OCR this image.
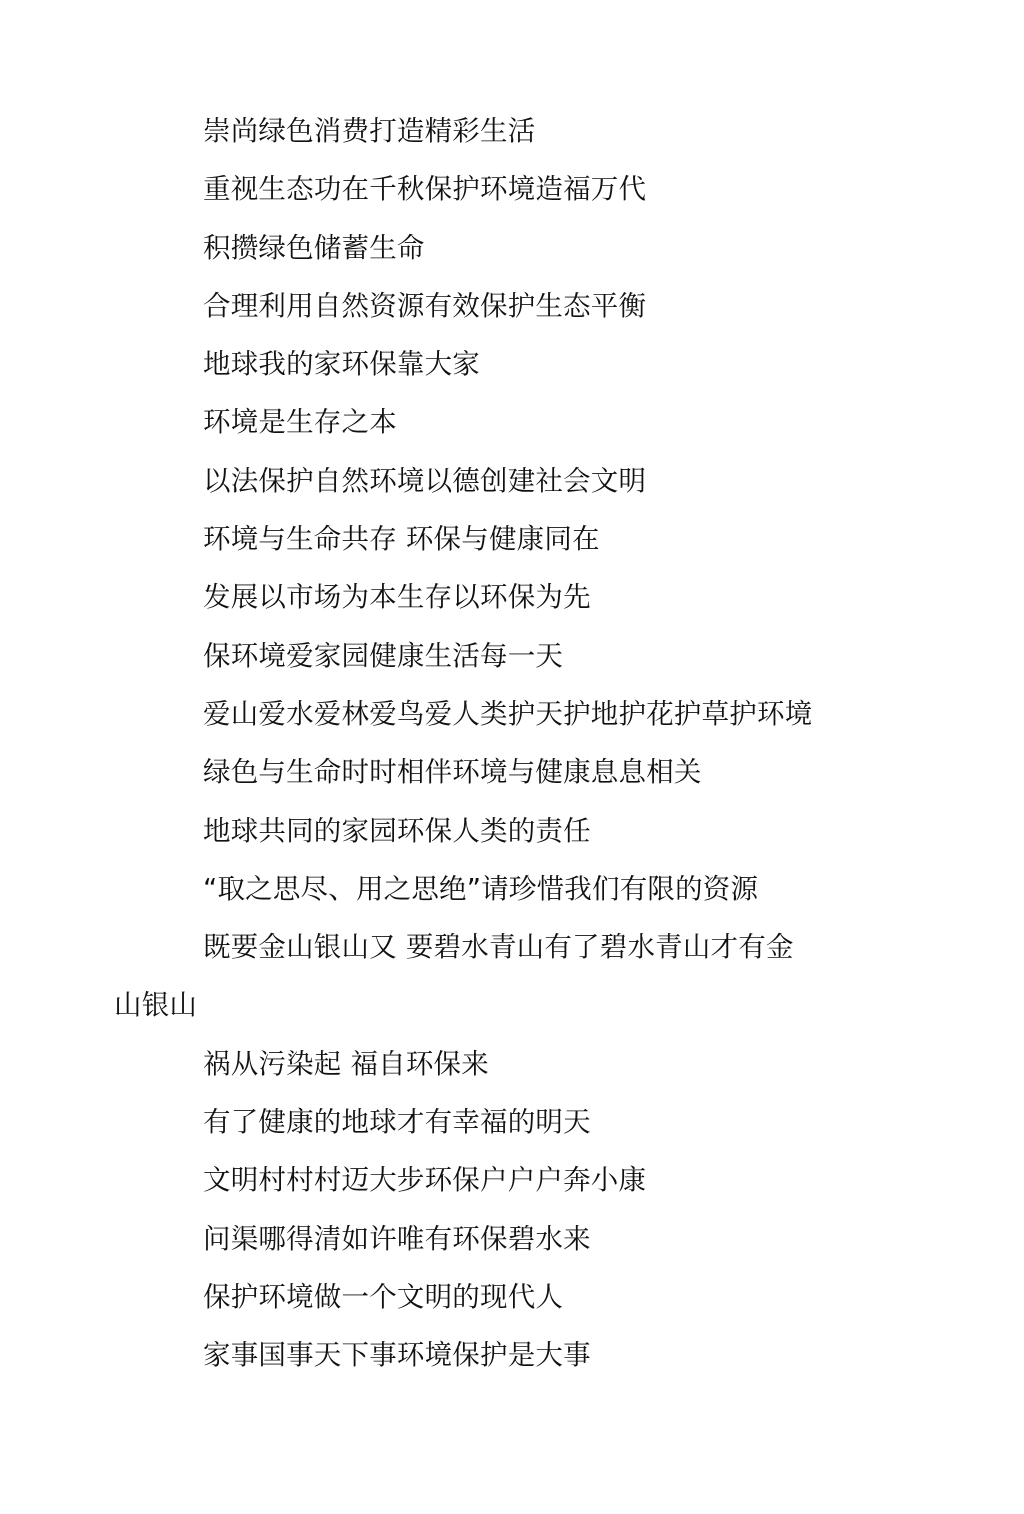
崇尚绿色消费打造精彩生活
重视生态功在千秋保护环境造福万代
积攒绿色储蓄生命
合理利用自然资源有效保护生态平衡
地球我的家环保靠大家
环境是生存之本
以法保护自然环境以德创建社会文明
环境与生命共存 环保与健康同在
发展以市场为本生存以环保为先
保环境爱家园健康生活每一天
爱山爱水爱林爱鸟爱人类护天护地护花护草护环境
绿色与生命时时相伴环境与健康息息相关
地球共同的家园环保人类的责任
“取之思尽、用之思绝”请珍惜我们有限的资源
既要金山银山又 要碧水青山有了碧水青山才有金
山银山
祸从污染起 福自环保来
有了健康的地球才有幸福的明天
文明村村村迈大步环保户户户奔小康
问渠哪得清如许唯有环保碧水来
保护环境做一个文明的现代人
家事国事天下事环境保护是大事
